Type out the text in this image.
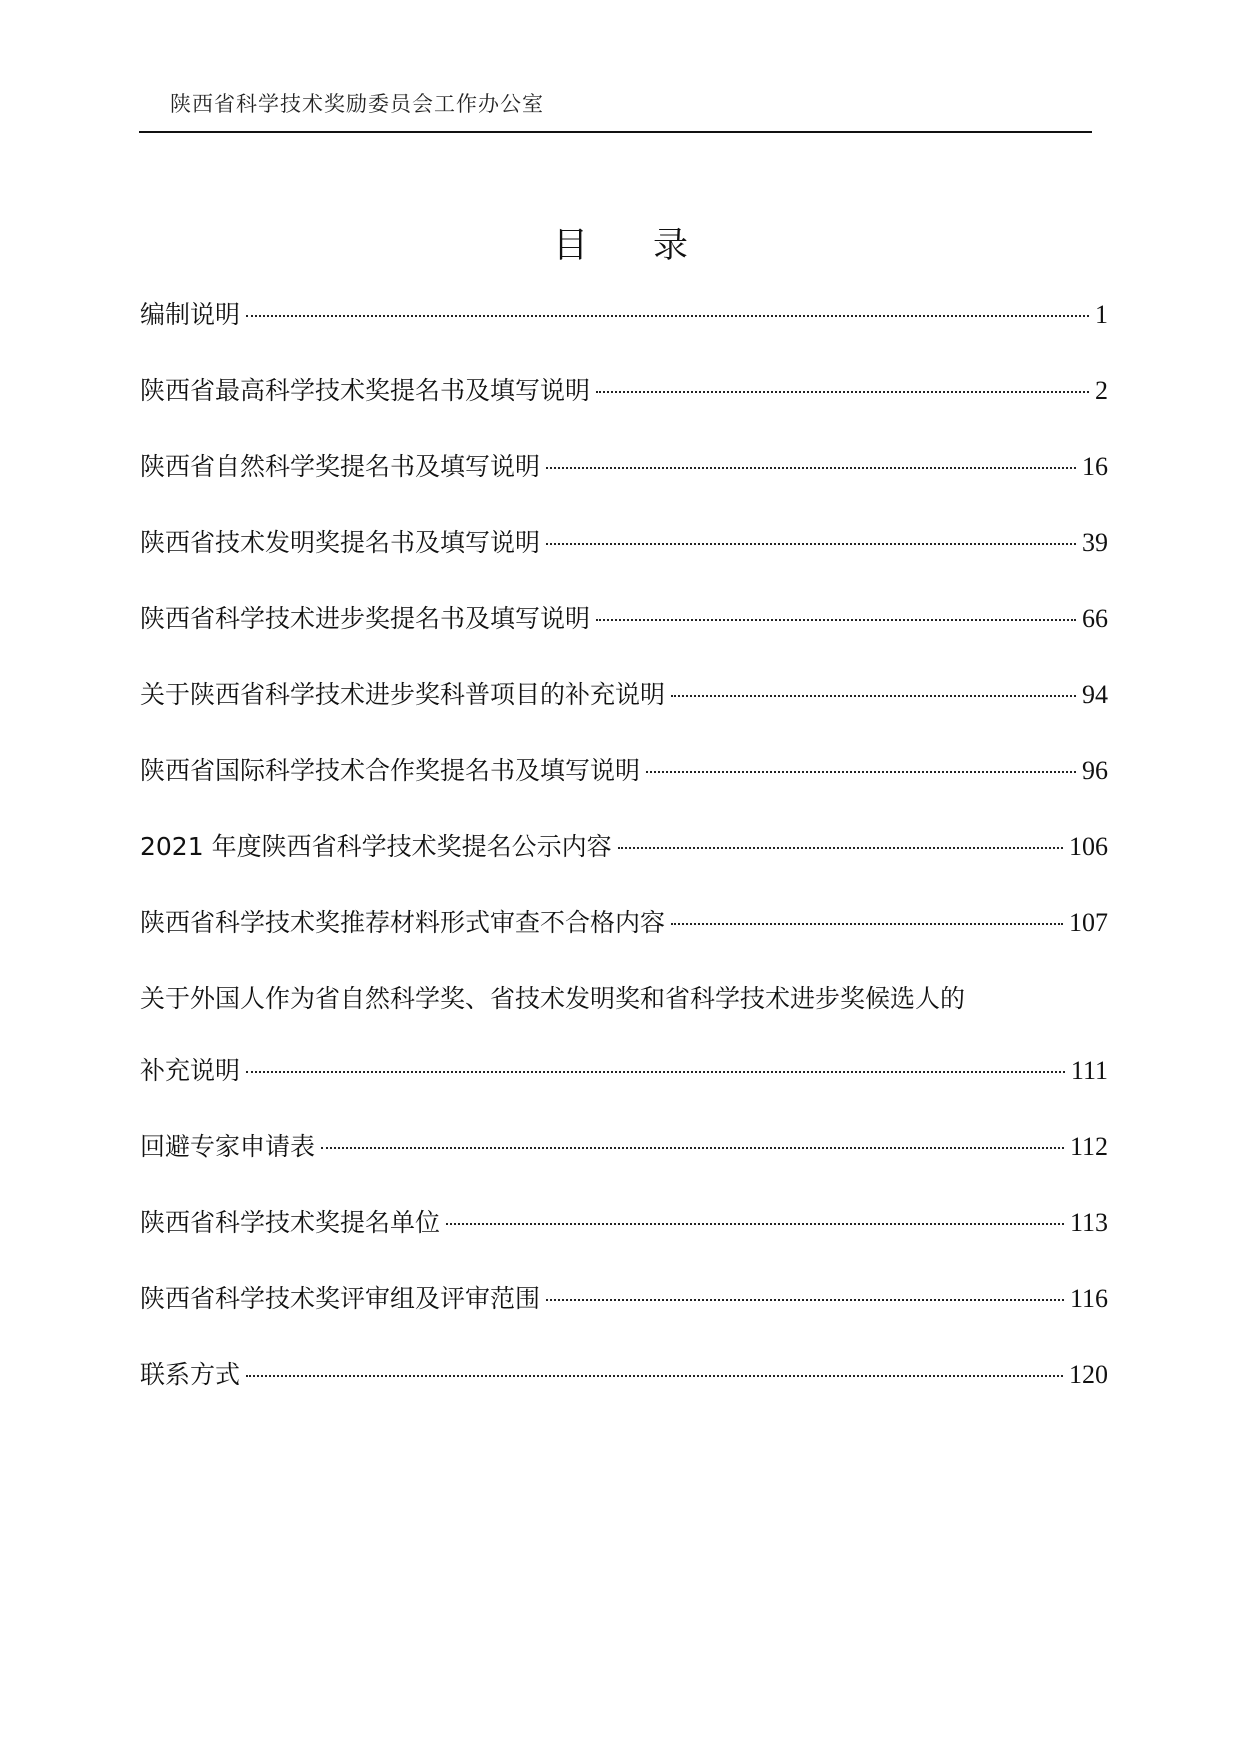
陕西省科学技术奖励委员会工作办公室
目录
编制说明	1
陕西省最高科学技术奖提名书及填写说明	2
陕西省自然科学奖提名书及填写说明	16
陕西省技术发明奖提名书及填写说明	39
陕西省科学技术进步奖提名书及填写说明	66
关于陕西省科学技术进步奖科普项目的补充说明	94
陕西省国际科学技术合作奖提名书及填写说明	96
2021 年度陕西省科学技术奖提名公示内容	106
陕西省科学技术奖推荐材料形式审查不合格内容	107
关于外国人作为省自然科学奖、省技术发明奖和省科学技术进步奖候选人的
补充说明	111
回避专家申请表	112
陕西省科学技术奖提名单位	113
陕西省科学技术奖评审组及评审范围	116
联系方式	120
